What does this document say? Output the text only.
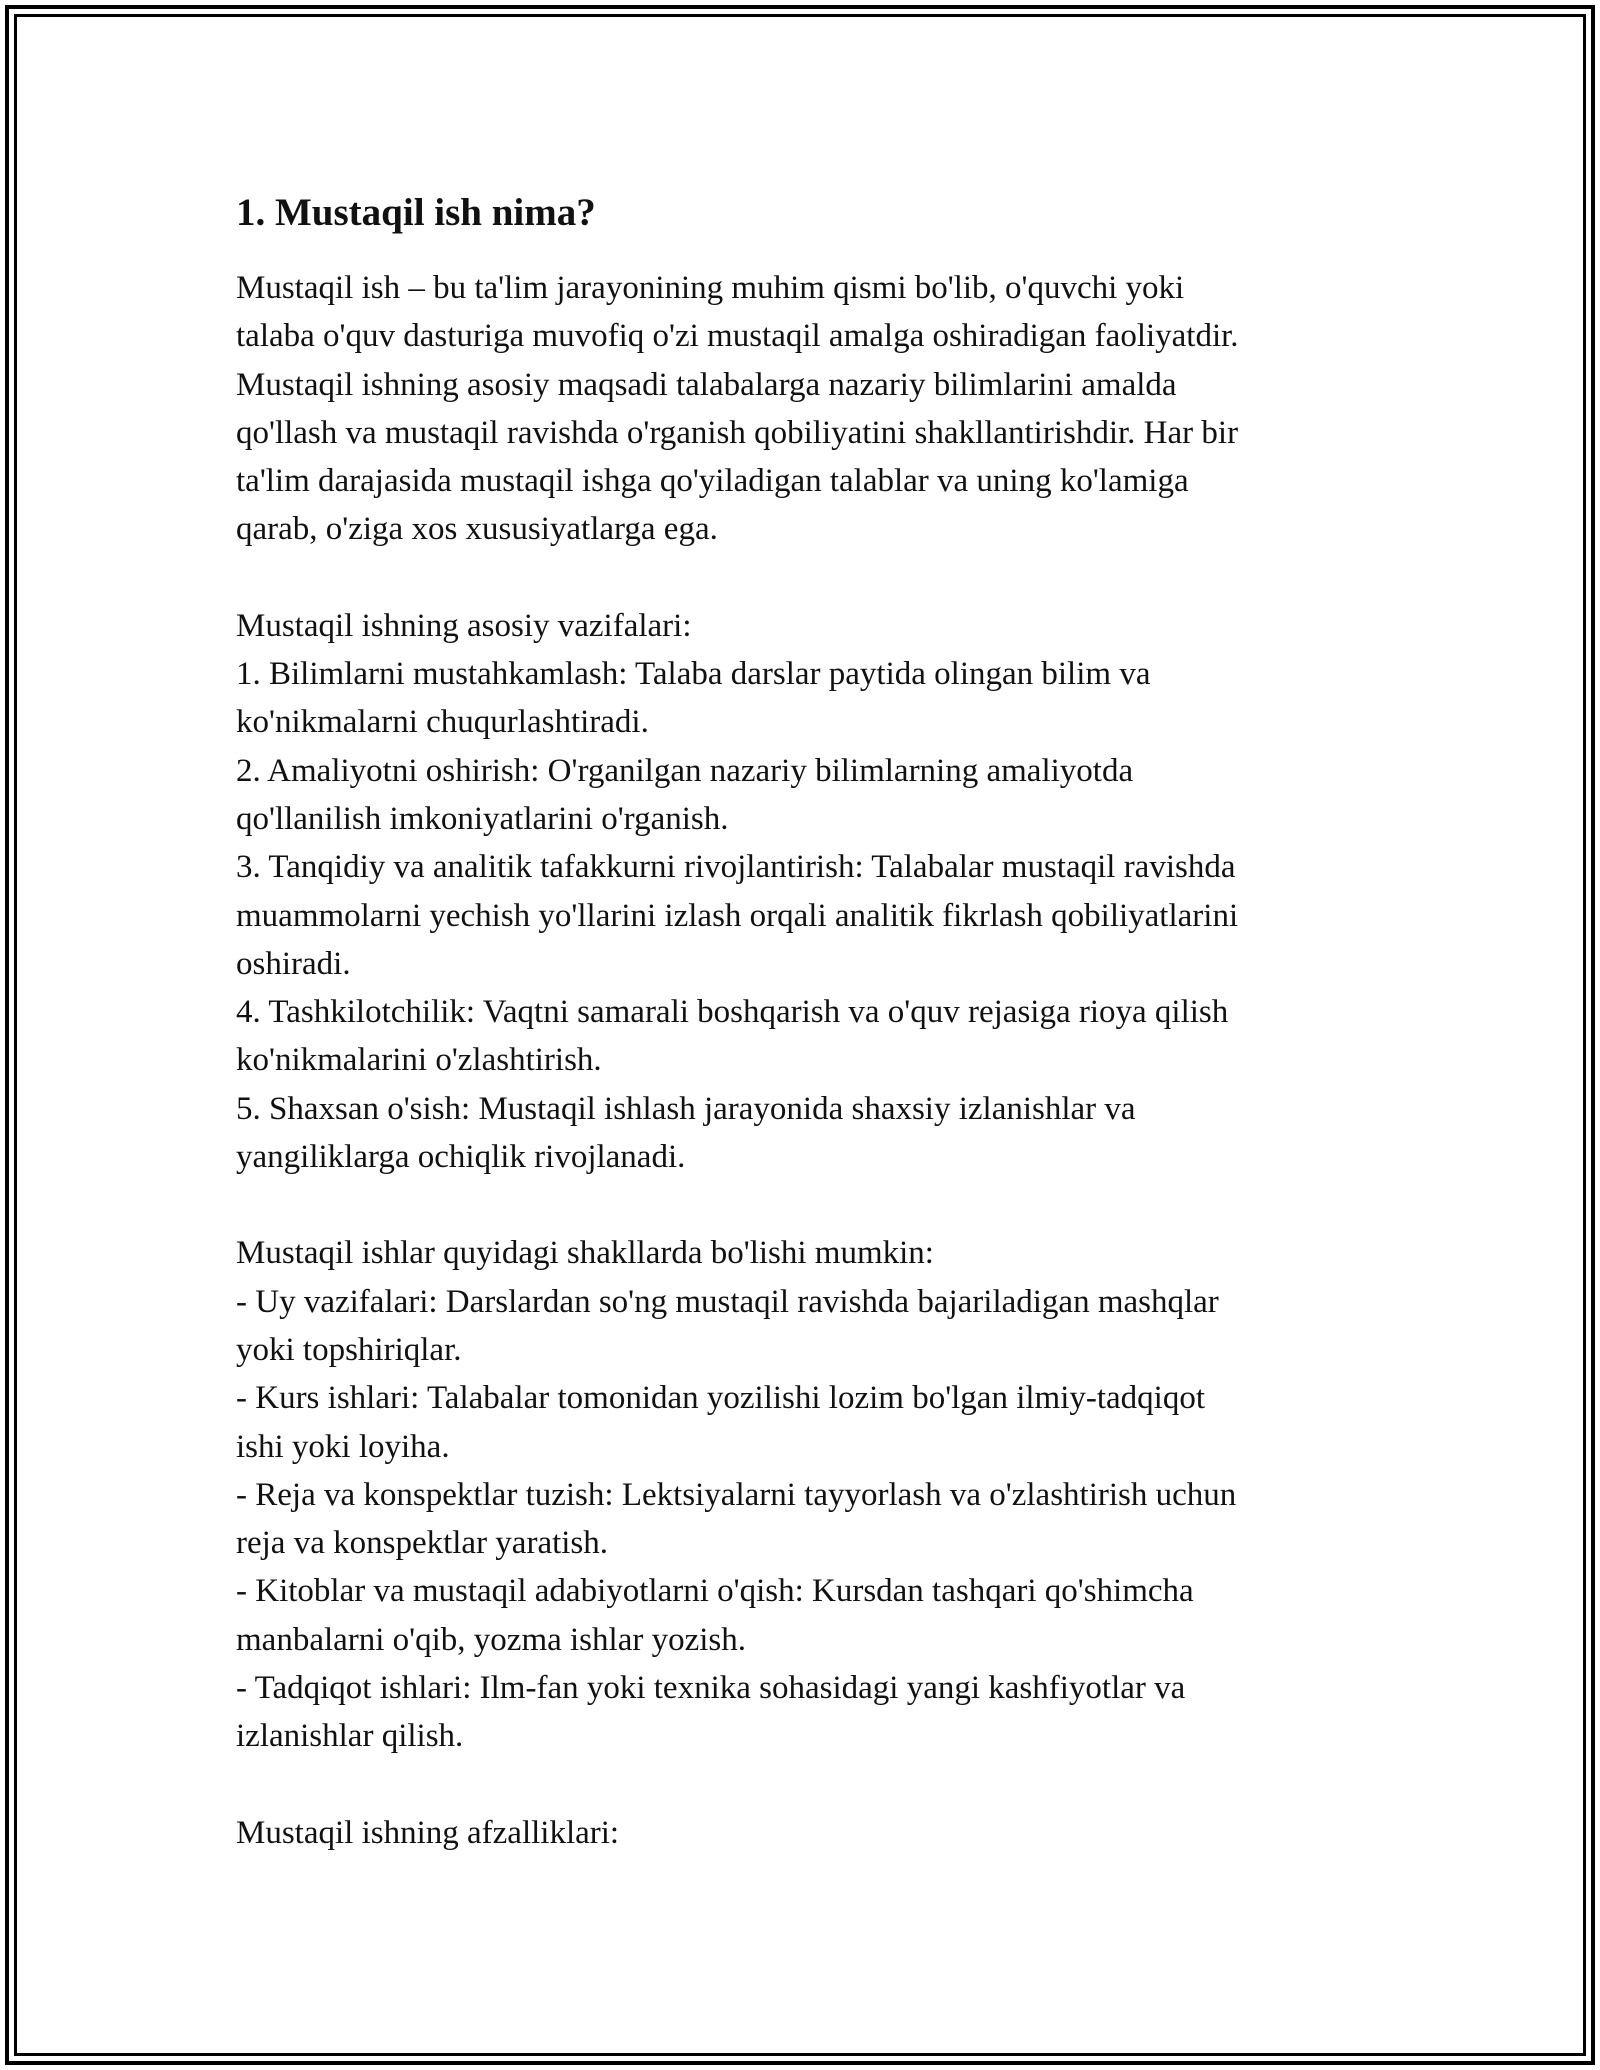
1. Mustaqil ish nima?

Mustaqil ish – bu ta'lim jarayonining muhim qismi bo'lib, o'quvchi yoki

talaba o'quv dasturiga muvofiq o'zi mustaqil amalga oshiradigan faoliyatdir.

Mustaqil ishning asosiy maqsadi talabalarga nazariy bilimlarini amalda

qo'llash va mustaqil ravishda o'rganish qobiliyatini shakllantirishdir. Har bir

ta'lim darajasida mustaqil ishga qo'yiladigan talablar va uning ko'lamiga

qarab, o'ziga xos xususiyatlarga ega.

Mustaqil ishning asosiy vazifalari:

1. Bilimlarni mustahkamlash: Talaba darslar paytida olingan bilim va

ko'nikmalarni chuqurlashtiradi.

2. Amaliyotni oshirish: O'rganilgan nazariy bilimlarning amaliyotda

qo'llanilish imkoniyatlarini o'rganish.

3. Tanqidiy va analitik tafakkurni rivojlantirish: Talabalar mustaqil ravishda

muammolarni yechish yo'llarini izlash orqali analitik fikrlash qobiliyatlarini

oshiradi.

4. Tashkilotchilik: Vaqtni samarali boshqarish va o'quv rejasiga rioya qilish

ko'nikmalarini o'zlashtirish.

5. Shaxsan o'sish: Mustaqil ishlash jarayonida shaxsiy izlanishlar va

yangiliklarga ochiqlik rivojlanadi.

Mustaqil ishlar quyidagi shakllarda bo'lishi mumkin:

- Uy vazifalari: Darslardan so'ng mustaqil ravishda bajariladigan mashqlar

yoki topshiriqlar.

- Kurs ishlari: Talabalar tomonidan yozilishi lozim bo'lgan ilmiy-tadqiqot

ishi yoki loyiha.

- Reja va konspektlar tuzish: Lektsiyalarni tayyorlash va o'zlashtirish uchun

reja va konspektlar yaratish.

- Kitoblar va mustaqil adabiyotlarni o'qish: Kursdan tashqari qo'shimcha

manbalarni o'qib, yozma ishlar yozish.

- Tadqiqot ishlari: Ilm-fan yoki texnika sohasidagi yangi kashfiyotlar va

izlanishlar qilish.

Mustaqil ishning afzalliklari:
